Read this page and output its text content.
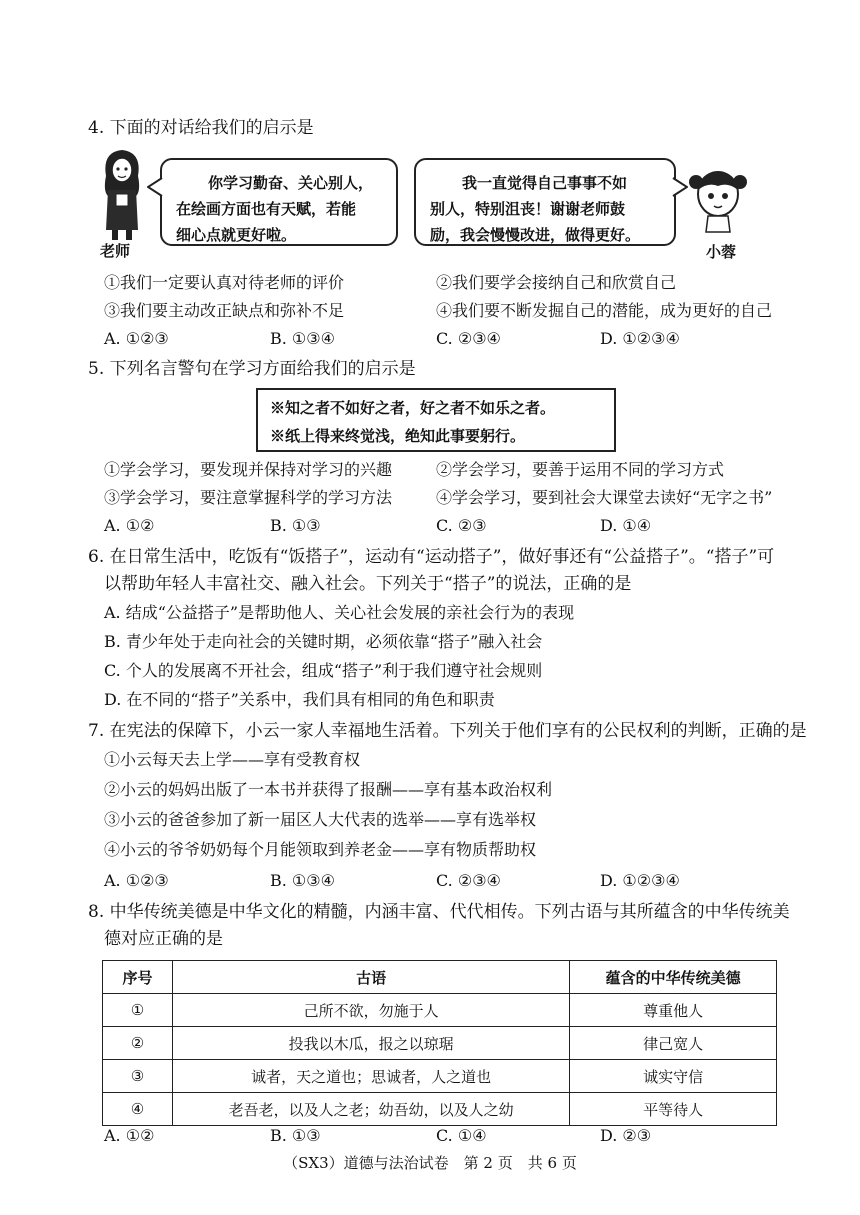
4. 下面的对话给我们的启示是
老师
你学习勤奋、关心别人，
在绘画方面也有天赋，若能
细心点就更好啦。
我一直觉得自己事事不如
别人，特别沮丧！谢谢老师鼓
励，我会慢慢改进，做得更好。
小蓉
①我们一定要认真对待老师的评价	②我们要学会接纳自己和欣赏自己
③我们要主动改正缺点和弥补不足	④我们要不断发掘自己的潜能，成为更好的自己
A. ①②③	B. ①③④	C. ②③④	D. ①②③④
5. 下列名言警句在学习方面给我们的启示是
※知之者不如好之者，好之者不如乐之者。
※纸上得来终觉浅，绝知此事要躬行。
①学会学习，要发现并保持对学习的兴趣	②学会学习，要善于运用不同的学习方式
③学会学习，要注意掌握科学的学习方法	④学会学习，要到社会大课堂去读好“无字之书”
A. ①②	B. ①③	C. ②③	D. ①④
6. 在日常生活中，吃饭有“饭搭子”，运动有“运动搭子”，做好事还有“公益搭子”。“搭子”可
以帮助年轻人丰富社交、融入社会。下列关于“搭子”的说法，正确的是
A. 结成“公益搭子”是帮助他人、关心社会发展的亲社会行为的表现
B. 青少年处于走向社会的关键时期，必须依靠“搭子”融入社会
C. 个人的发展离不开社会，组成“搭子”利于我们遵守社会规则
D. 在不同的“搭子”关系中，我们具有相同的角色和职责
7. 在宪法的保障下，小云一家人幸福地生活着。下列关于他们享有的公民权利的判断，正确的是
①小云每天去上学——享有受教育权
②小云的妈妈出版了一本书并获得了报酬——享有基本政治权利
③小云的爸爸参加了新一届区人大代表的选举——享有选举权
④小云的爷爷奶奶每个月能领取到养老金——享有物质帮助权
A. ①②③	B. ①③④	C. ②③④	D. ①②③④
8. 中华传统美德是中华文化的精髓，内涵丰富、代代相传。下列古语与其所蕴含的中华传统美
德对应正确的是
序号	古语	蕴含的中华传统美德
①	己所不欲，勿施于人	尊重他人
②	投我以木瓜，报之以琼琚	律己宽人
③	诚者，天之道也；思诚者，人之道也	诚实守信
④	老吾老，以及人之老；幼吾幼，以及人之幼	平等待人
A. ①②	B. ①③	C. ①④	D. ②③
（SX3）道德与法治试卷　第 2 页　共 6 页
